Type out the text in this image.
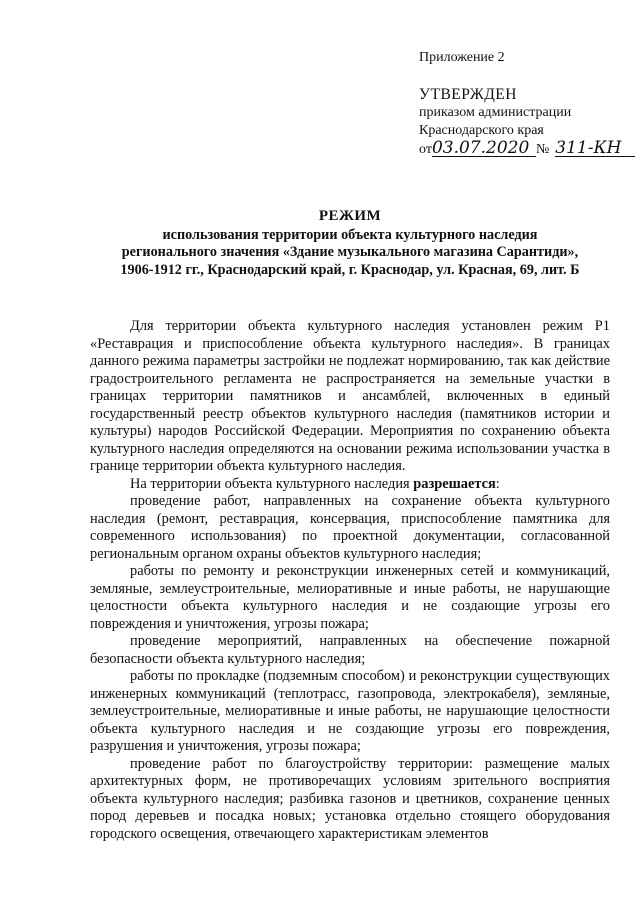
Приложение 2
УТВЕРЖДЕН
приказом администрации
Краснодарского края
от 03.07.2020 № 311-КН
РЕЖИМ
использования территории объекта культурного наследия
регионального значения «Здание музыкального магазина Сарантиди»,
1906-1912 гг., Краснодарский край, г. Краснодар, ул. Красная, 69, лит. Б

Для территории объекта культурного наследия установлен режим Р1 «Реставрация и приспособление объекта культурного наследия». В границах данного режима параметры застройки не подлежат нормированию, так как действие градостроительного регламента не распространяется на земельные участки в границах территории памятников и ансамблей, включенных в единый государственный реестр объектов культурного наследия (памятников истории и культуры) народов Российской Федерации. Мероприятия по сохранению объекта культурного наследия определяются на основании режима использовании участка в границе территории объекта культурного наследия.

На территории объекта культурного наследия разрешается:

проведение работ, направленных на сохранение объекта культурного наследия (ремонт, реставрация, консервация, приспособление памятника для современного использования) по проектной документации, согласованной региональным органом охраны объектов культурного наследия;

работы по ремонту и реконструкции инженерных сетей и коммуникаций, земляные, землеустроительные, мелиоративные и иные работы, не нарушающие целостности объекта культурного наследия и не создающие угрозы его повреждения и уничтожения, угрозы пожара;

проведение мероприятий, направленных на обеспечение пожарной безопасности объекта культурного наследия;

работы по прокладке (подземным способом) и реконструкции существующих инженерных коммуникаций (теплотрасс, газопровода, электрокабеля), земляные, землеустроительные, мелиоративные и иные работы, не нарушающие целостности объекта культурного наследия и не создающие угрозы его повреждения, разрушения и уничтожения, угрозы пожара;

проведение работ по благоустройству территории: размещение малых архитектурных форм, не противоречащих условиям зрительного восприятия объекта культурного наследия; разбивка газонов и цветников, сохранение ценных пород деревьев и посадка новых; установка отдельно стоящего оборудования городского освещения, отвечающего характеристикам элементов
